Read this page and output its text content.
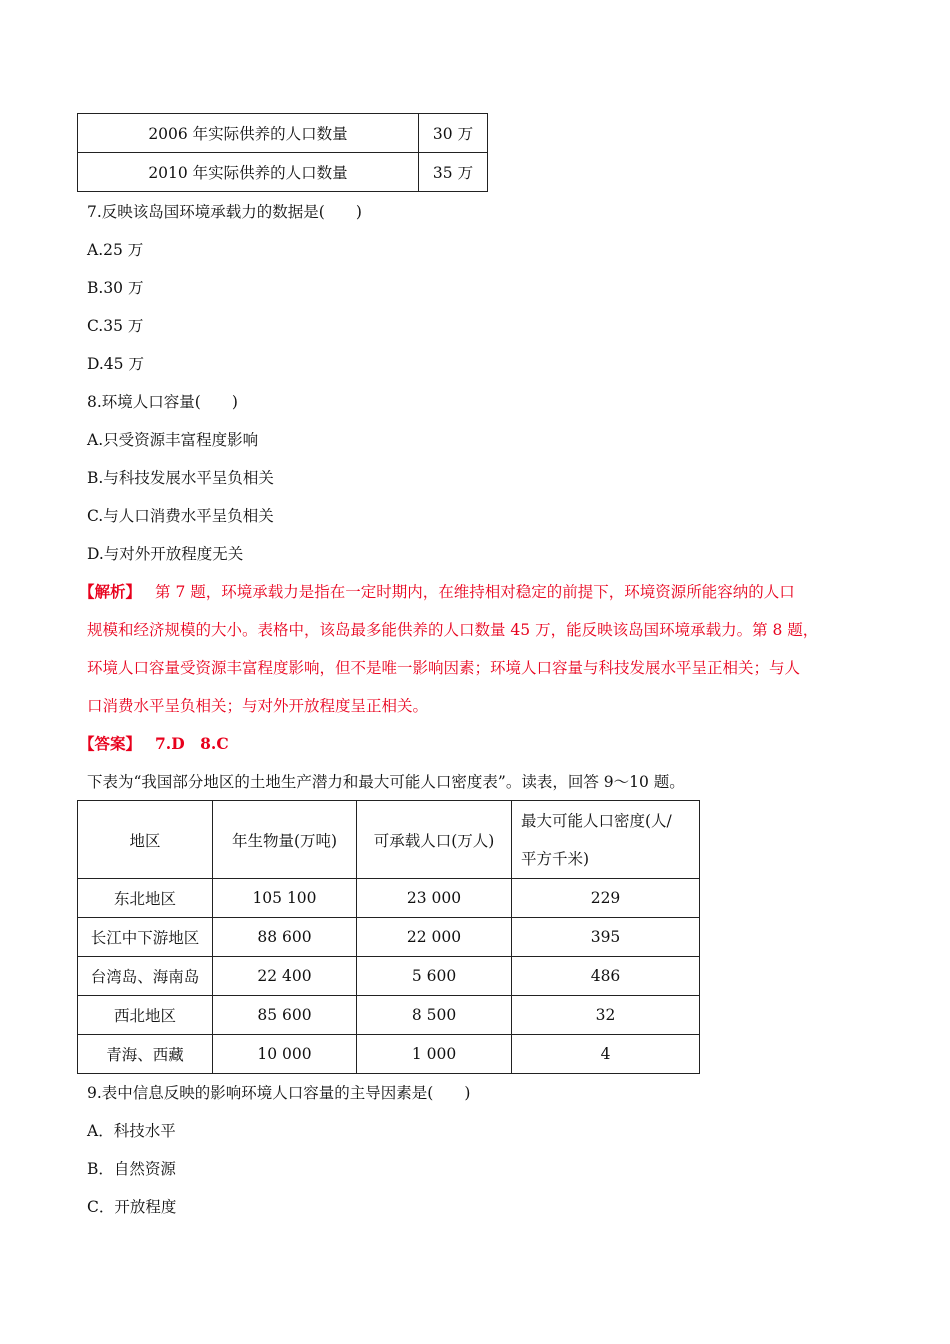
2006 年实际供养的人口数量	30 万
2010 年实际供养的人口数量	35 万
7.反映该岛国环境承载力的数据是(　　)
A.25 万
B.30 万
C.35 万
D.45 万
8.环境人口容量(　　)
A.只受资源丰富程度影响
B.与科技发展水平呈负相关
C.与人口消费水平呈负相关
D.与对外开放程度无关
【解析】 第 7 题，环境承载力是指在一定时期内，在维持相对稳定的前提下，环境资源所能容纳的人口
规模和经济规模的大小。表格中，该岛最多能供养的人口数量 45 万，能反映该岛国环境承载力。第 8 题，
环境人口容量受资源丰富程度影响，但不是唯一影响因素；环境人口容量与科技发展水平呈正相关；与人
口消费水平呈负相关；与对外开放程度呈正相关。
【答案】 7.D　8.C
下表为“我国部分地区的土地生产潜力和最大可能人口密度表”。读表，回答 9～10 题。
地区	年生物量(万吨)	可承载人口(万人)	最大可能人口密度(人/
平方千米)

东北地区	105 100	23 000	229
长江中下游地区	88 600	22 000	395
台湾岛、海南岛	22 400	5 600	486
西北地区	85 600	8 500	32
青海、西藏	10 000	1 000	4
9.表中信息反映的影响环境人口容量的主导因素是(　　)
A．科技水平
B．自然资源
C．开放程度
